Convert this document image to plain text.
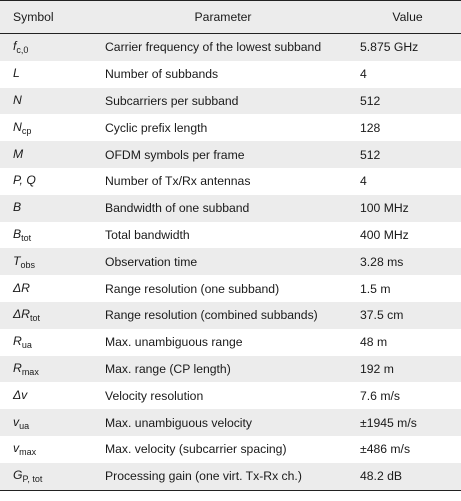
Symbol	Parameter	Value
$f_{c,0}$	Carrier frequency of the lowest subband	5.875 GHz
L	Number of subbands	4
N	Subcarriers per subband	512
$N_{cp}$	Cyclic prefix length	128
M	OFDM symbols per frame	512
P, Q	Number of Tx/Rx antennas	4
B	Bandwidth of one subband	100 MHz
$B_{tot}$	Total bandwidth	400 MHz
$T_{obs}$	Observation time	3.28 ms
ΔR	Range resolution (one subband)	1.5 m
$\Delta R_{tot}$	Range resolution (combined subbands)	37.5 cm
$R_{ua}$	Max. unambiguous range	48 m
$R_{max}$	Max. range (CP length)	192 m
Δv	Velocity resolution	7.6 m/s
$v_{ua}$	Max. unambiguous velocity	±1945 m/s
$v_{max}$	Max. velocity (subcarrier spacing)	±486 m/s
$G_{P,}$ $_{tot}$	Processing gain (one virt. Tx-Rx ch.)	48.2 dB
